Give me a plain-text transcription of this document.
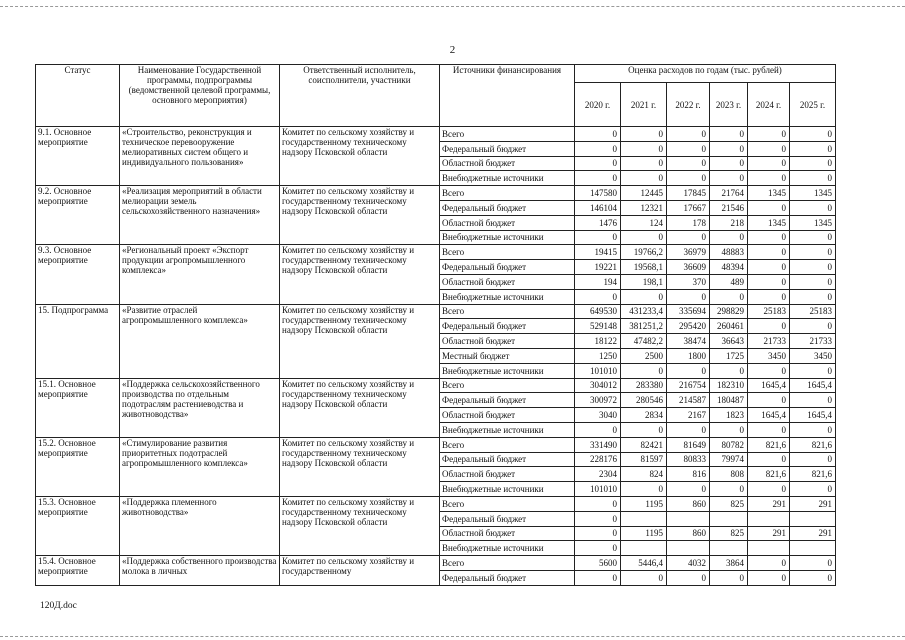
2
Статус	Наименование Государственной программы, подпрограммы (ведомственной целевой программы, основного мероприятия)	Ответственный исполнитель, соисполнители, участники	Источники финансирования	Оценка расходов по годам (тыс. рублей)					
				2020 г.	2021 г.	2022 г.	2023 г.	2024 г.	2025 г.
9.1. Основное мероприятие	«Строительство, реконструкция и техническое перевооружение мелиоративных систем общего и индивидуального пользования»	Комитет по сельскому хозяйству и государственному техническому надзору Псковской области	Всего	0	0	0	0	0	0
			Федеральный бюджет	0	0	0	0	0	0
			Областной бюджет	0	0	0	0	0	0
			Внебюджетные источники	0	0	0	0	0	0
9.2. Основное мероприятие	«Реализация мероприятий в области мелиорации земель сельскохозяйственного назначения»	Комитет по сельскому хозяйству и государственному техническому надзору Псковской области	Всего	147580	12445	17845	21764	1345	1345
			Федеральный бюджет	146104	12321	17667	21546	0	0
			Областной бюджет	1476	124	178	218	1345	1345
			Внебюджетные источники	0	0	0	0	0	0
9.3. Основное мероприятие	«Региональный проект «Экспорт продукции агропромышленного комплекса»	Комитет по сельскому хозяйству и государственному техническому надзору Псковской области	Всего	19415	19766,2	36979	48883	0	0
			Федеральный бюджет	19221	19568,1	36609	48394	0	0
			Областной бюджет	194	198,1	370	489	0	0
			Внебюджетные источники	0	0	0	0	0	0
15. Подпрограмма	«Развитие отраслей агропромышленного комплекса»	Комитет по сельскому хозяйству и государственному техническому надзору Псковской области	Всего	649530	431233,4	335694	298829	25183	25183
			Федеральный бюджет	529148	381251,2	295420	260461	0	0
			Областной бюджет	18122	47482,2	38474	36643	21733	21733
			Местный бюджет	1250	2500	1800	1725	3450	3450
			Внебюджетные источники	101010	0	0	0	0	0
15.1. Основное мероприятие	«Поддержка сельскохозяйственного производства по отдельным подотраслям растениеводства и животноводства»	Комитет по сельскому хозяйству и государственному техническому надзору Псковской области	Всего	304012	283380	216754	182310	1645,4	1645,4
			Федеральный бюджет	300972	280546	214587	180487	0	0
			Областной бюджет	3040	2834	2167	1823	1645,4	1645,4
			Внебюджетные источники	0	0	0	0	0	0
15.2. Основное мероприятие	«Стимулирование развития приоритетных подотраслей агропромышленного комплекса»	Комитет по сельскому хозяйству и государственному техническому надзору Псковской области	Всего	331490	82421	81649	80782	821,6	821,6
			Федеральный бюджет	228176	81597	80833	79974	0	0
			Областной бюджет	2304	824	816	808	821,6	821,6
			Внебюджетные источники	101010	0	0	0	0	0
15.3. Основное мероприятие	«Поддержка племенного животноводства»	Комитет по сельскому хозяйству и государственному техническому надзору Псковской области	Всего	0	1195	860	825	291	291
			Федеральный бюджет	0					
			Областной бюджет	0	1195	860	825	291	291
			Внебюджетные источники	0					
15.4. Основное мероприятие	«Поддержка собственного производства молока в личных	Комитет по сельскому хозяйству и государственному	Всего	5600	5446,4	4032	3864	0	0
			Федеральный бюджет	0	0	0	0	0	0
120Д.doc
